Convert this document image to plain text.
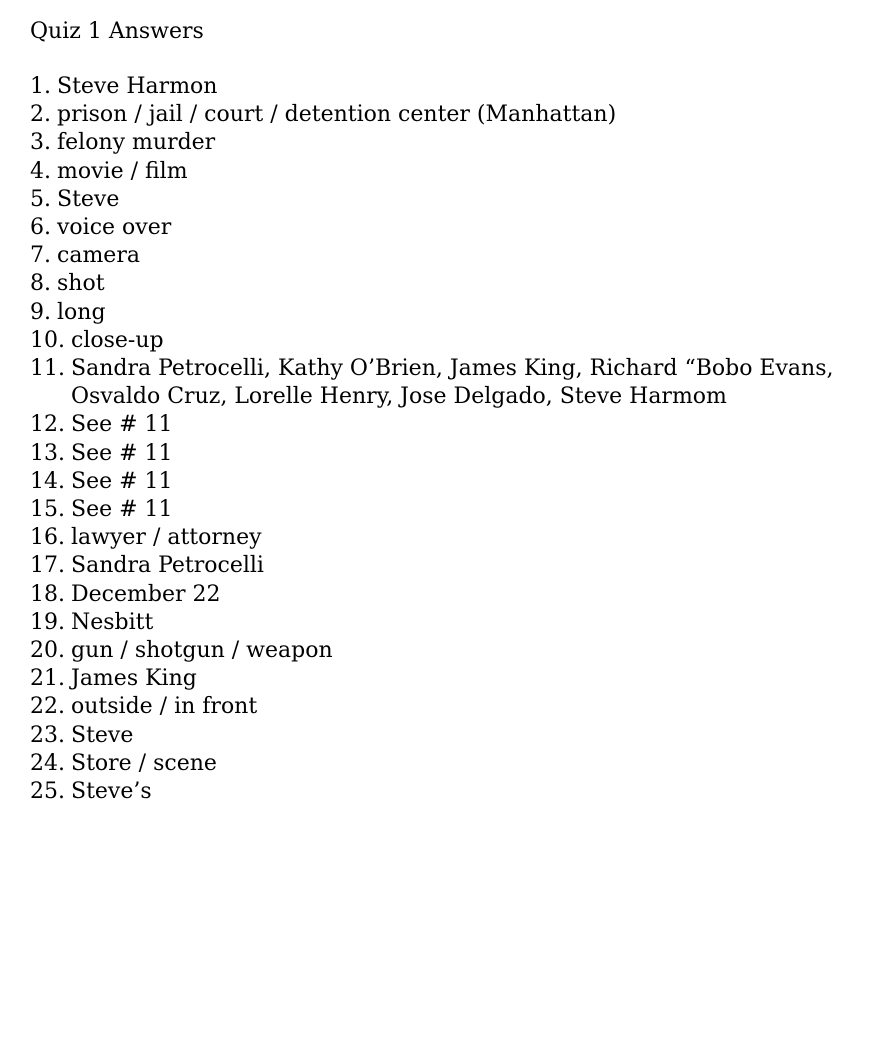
Quiz 1 Answers
1. Steve Harmon
2. prison / jail / court / detention center (Manhattan)
3. felony murder
4. movie / film
5. Steve
6. voice over
7. camera
8. shot
9. long
10. close-up
11. Sandra Petrocelli, Kathy O’Brien, James King, Richard “Bobo Evans, Osvaldo Cruz, Lorelle Henry, Jose Delgado, Steve Harmom
12. See # 11
13. See # 11
14. See # 11
15. See # 11
16. lawyer / attorney
17. Sandra Petrocelli
18. December 22
19. Nesbitt
20. gun / shotgun / weapon
21. James King
22. outside / in front
23. Steve
24. Store / scene
25. Steve’s
